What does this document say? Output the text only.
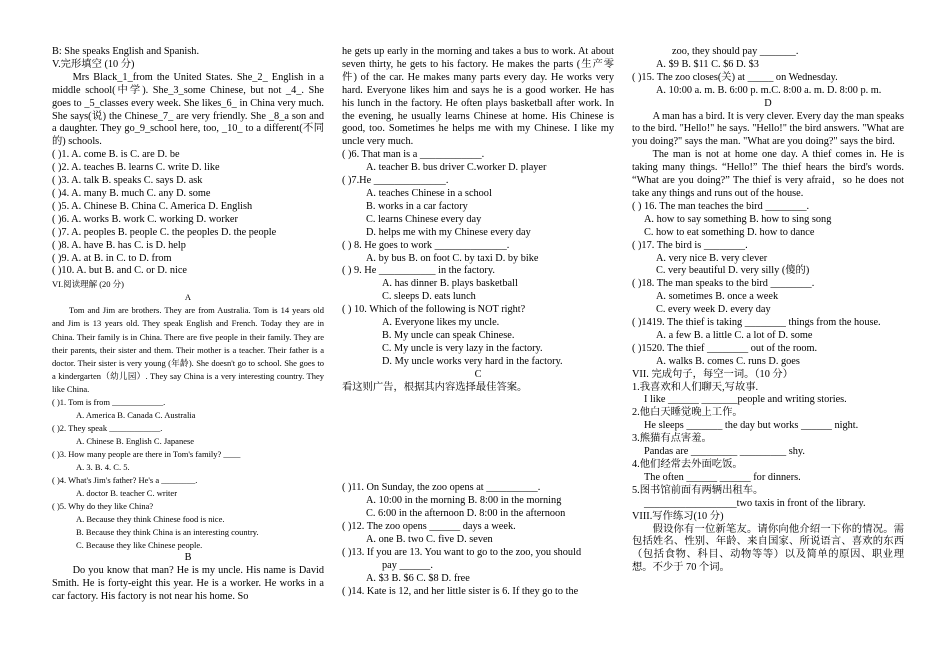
B: She speaks English and Spanish.
V.完形填空 (10 分)
Mrs Black_1_from the United States. She_2_ English in a middle school(中学). She_3_some Chinese, but not _4_. She goes to _5_classes every week. She likes_6_ in China very much. She says(说) the Chinese_7_ are very friendly. She _8_a son and a daughter. They go_9_school here, too, _10_ to a different(不同的) schools.
( )1. A. come B. is C. are D. be
( )2. A. teaches B. learns C. write D. like
( )3. A. talk B. speaks C. says D. ask
( )4. A. many B. much C. any D. some
( )5. A. Chinese B. China C. America D. English
( )6. A. works B. work C. working D. worker
( )7. A. peoples B. people C. the peoples D. the people
( )8. A. have B. has C. is D. help
( )9. A. at B. in C. to D. from
( )10. A. but B. and C. or D. nice
VI.阅读理解 (20 分)
A
Tom and Jim are brothers. They are from Australia. Tom is 14 years old and Jim is 13 years old. They speak English and French. Today they are in China. Their family is in China. There are five people in their family. They are their parents, their sister and them. Their mother is a teacher. Their father is a doctor. Their sister is very young (年龄). She doesn't go to school. She goes to a kindergarten（幼儿园）. They say China is a very interesting country. They like China.
( )1. Tom is from ____________.
A. America B. Canada C. Australia
( )2. They speak ____________.
A. Chinese B. English C. Japanese
( )3. How many people are there in Tom's family? ____
A. 3. B. 4. C. 5.
( )4. What's Jim's father? He's a ________.
A. doctor B. teacher C. writer
( )5. Why do they like China?
A. Because they think Chinese food is nice.
B. Because they think China is an interesting country.
C. Because they like Chinese people.
B
Do you know that man? He is my uncle. His name is David Smith. He is forty-eight this year. He is a worker. He works in a car factory. His factory is not near his home. So
he gets up early in the morning and takes a bus to work. At about seven thirty, he gets to his factory. He makes the parts (生产零件) of the car. He makes many parts every day. He works very hard. Everyone likes him and says he is a good worker. He has his lunch in the factory. He often plays basketball after work. In the evening, he usually learns Chinese at home. His Chinese is good, too. Sometimes he helps me with my Chinese. I like my uncle very much.
( )6. That man is a ____________.
A. teacher B. bus driver C.worker D. player
( )7.He ______________.
A. teaches Chinese in a school
B. works in a car factory
C. learns Chinese every day
D. helps me with my Chinese every day
( ) 8. He goes to work ______________.
A. by bus B. on foot C. by taxi D. by bike
( ) 9. He ___________ in the factory.
A. has dinner B. plays basketball
C. sleeps D. eats lunch
( ) 10. Which of the following is NOT right?
A. Everyone likes my uncle.
B. My uncle can speak Chinese.
C. My uncle is very lazy in the factory.
D. My uncle works very hard in the factory.
C
看这则广告，根据其内容选择最佳答案。
( )11. On Sunday, the zoo opens at __________.
A. 10:00 in the morning B. 8:00 in the morning
C. 6:00 in the afternoon D. 8:00 in the afternoon
( )12. The zoo opens ______ days a week.
A. one B. two C. five D. seven
( )13. If you are 13. You want to go to the zoo, you should
pay ______.
A. $3 B. $6 C. $8 D. free
( )14. Kate is 12, and her little sister is 6. If they go to the
zoo, they should pay _______.
A. $9 B. $11 C. $6 D. $3
( )15. The zoo closes(关) at _____ on Wednesday.
A. 10:00 a. m. B. 6:00 p. m.C. 8:00 a. m. D. 8:00 p. m.
D
A man has a bird. It is very clever. Every day the man speaks to the bird. "Hello!" he says. "Hello!" the bird answers. "What are you doing?" says the man. "What are you doing?" says the bird.
The man is not at home one day. A thief comes in. He is taking many things. “Hello!” The thief hears the bird's words. “What are you doing?” The thief is very afraid，so he does not take any things and runs out of the house.
( ) 16. The man teaches the bird ________.
A. how to say something B. how to sing song
C. how to eat something D. how to dance
( )17. The bird is ________.
A. very nice B. very clever
C. very beautiful D. very silly (傻的)
( )18. The man speaks to the bird ________.
A. sometimes B. once a week
C. every week D. every day
( )1419. The thief is taking ________ things from the house.
A. a few B. a little C. a lot of D. some
( )1520. The thief ________ out of the room.
A. walks B. comes C. runs D. goes
VII. 完成句子，每空一词。（10 分）
1.我喜欢和人们聊天,写故事.
I like ______ _______people and writing stories.
2.他白天睡觉晚上工作。
He sleeps _______ the day but works ______ night.
3.熊猫有点害羞。
Pandas are _________ _________ shy.
4.他们经常去外面吃饭。
The often ______ ______ for dinners.
5.图书馆前面有两辆出租车。
__________________two taxis in front of the library.
VIII.写作练习(10 分)
假设你有一位新笔友。请你向他介绍一下你的情况。需包括姓名、性别、年龄、来自国家、所说语言、喜欢的东西（包括食物、科目、动物等等）以及简单的原因、职业理想。不少于 70 个词。
